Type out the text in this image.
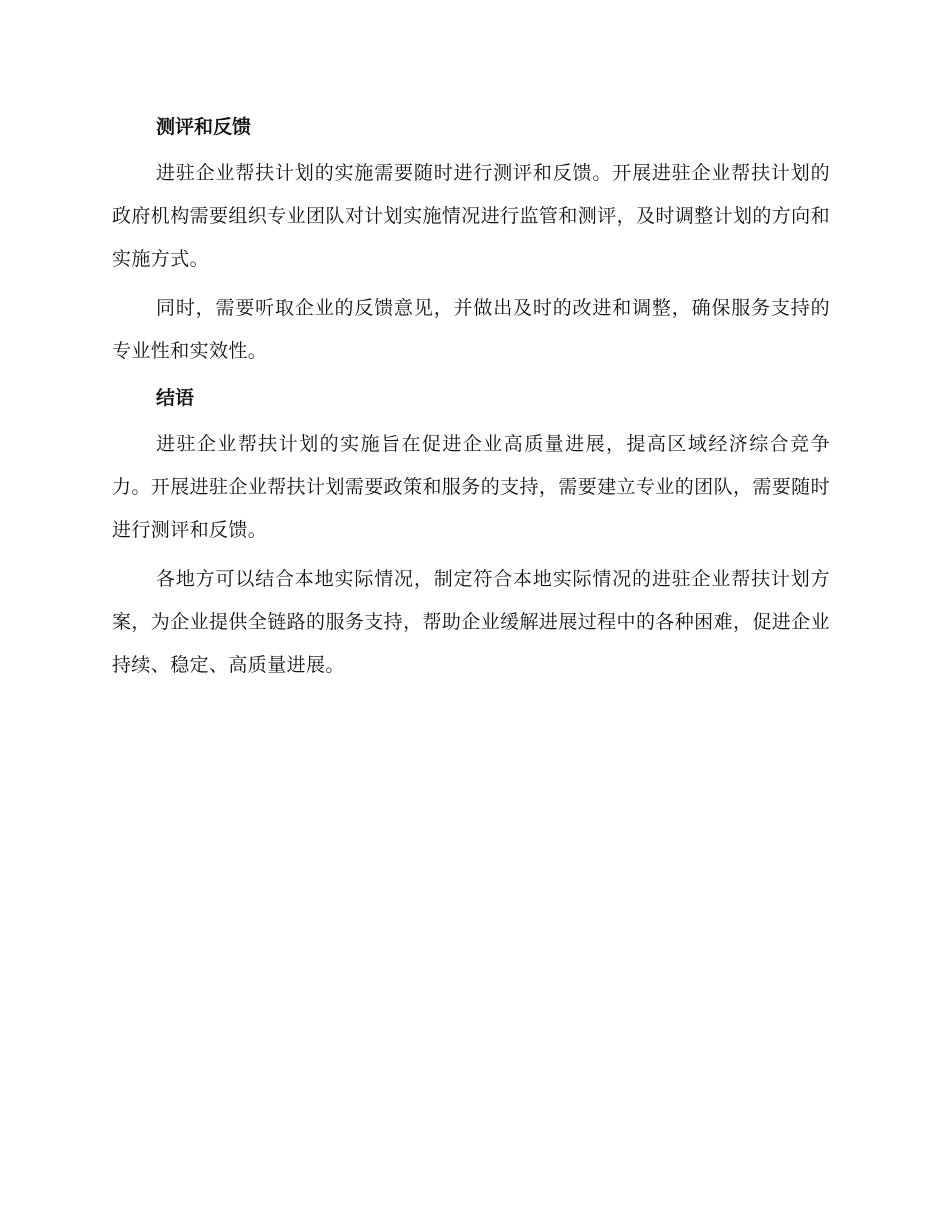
测评和反馈

进驻企业帮扶计划的实施需要随时进行测评和反馈。开展进驻企业帮扶计划的政府机构需要组织专业团队对计划实施情况进行监管和测评，及时调整计划的方向和实施方式。

同时，需要听取企业的反馈意见，并做出及时的改进和调整，确保服务支持的专业性和实效性。

结语

进驻企业帮扶计划的实施旨在促进企业高质量进展，提高区域经济综合竞争力。开展进驻企业帮扶计划需要政策和服务的支持，需要建立专业的团队，需要随时进行测评和反馈。

各地方可以结合本地实际情况，制定符合本地实际情况的进驻企业帮扶计划方案，为企业提供全链路的服务支持，帮助企业缓解进展过程中的各种困难，促进企业持续、稳定、高质量进展。
